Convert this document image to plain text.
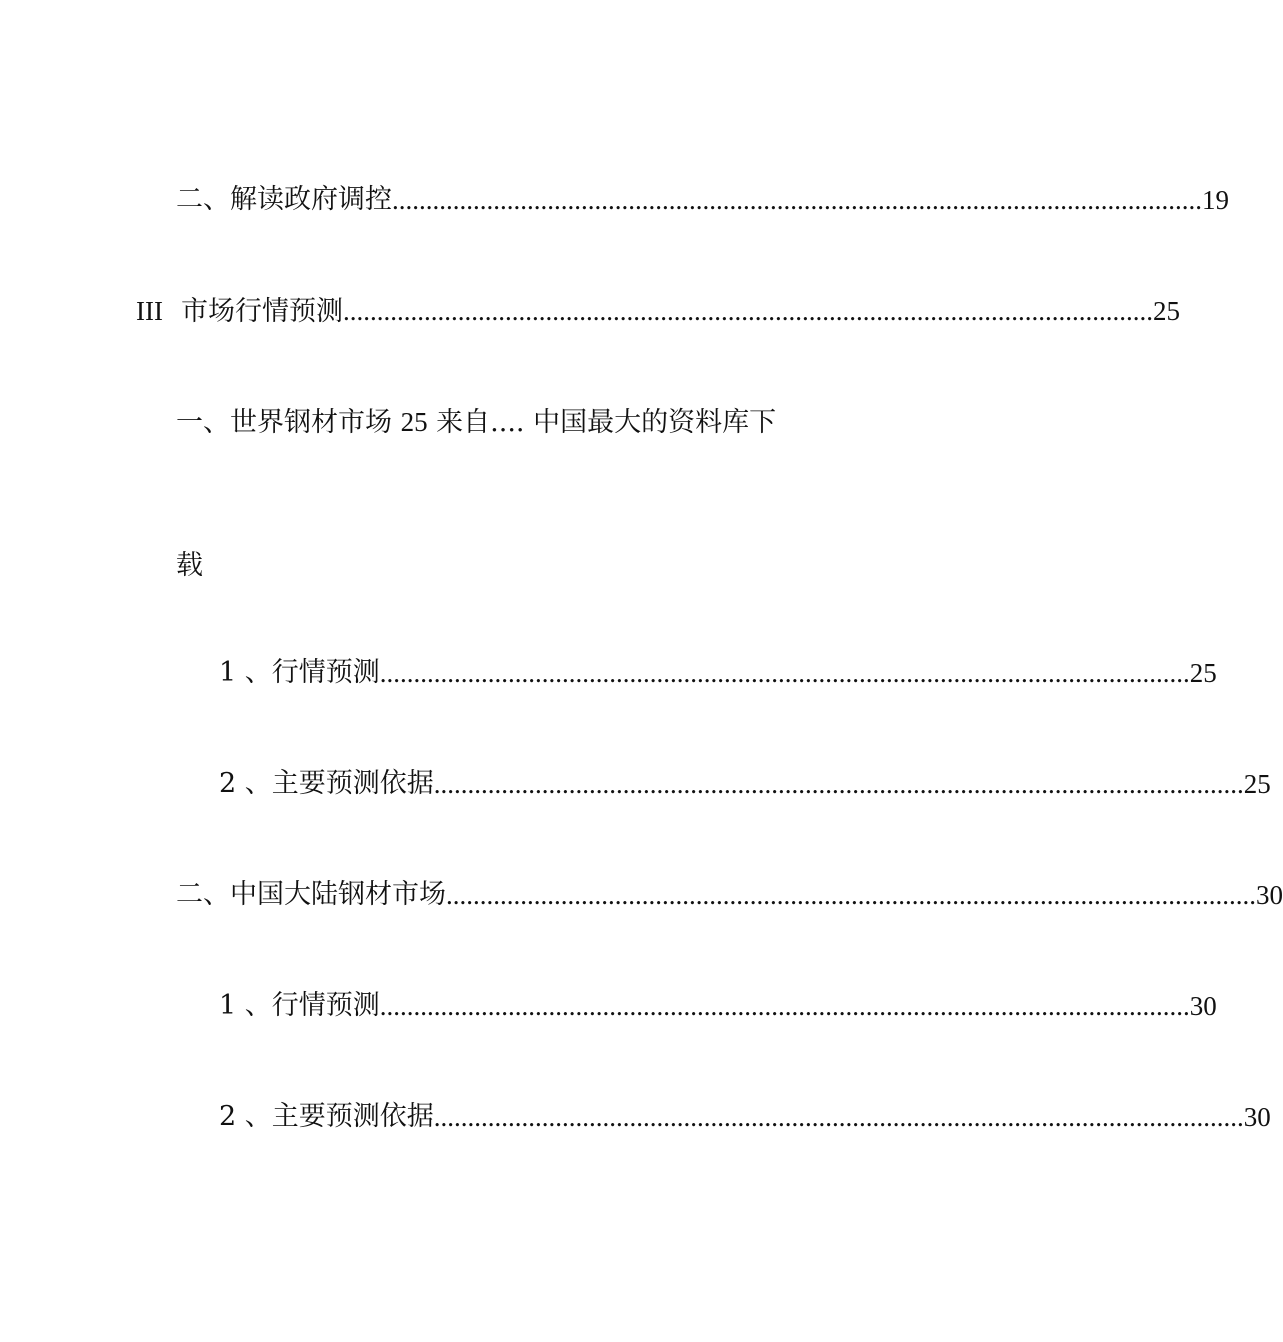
二、解读政府调控 ........................................................................................................................ 19
III 市场行情预测 ........................................................................................................................ 25
一、世界钢材市场 25 来自.... 中国最大的资料库下
载
1 、行情预测 ........................................................................................................................ 25
2 、主要预测依据 ........................................................................................................................ 25
二、中国大陆钢材市场 ........................................................................................................................ 30
1 、行情预测 ........................................................................................................................ 30
2 、主要预测依据 ........................................................................................................................ 30
